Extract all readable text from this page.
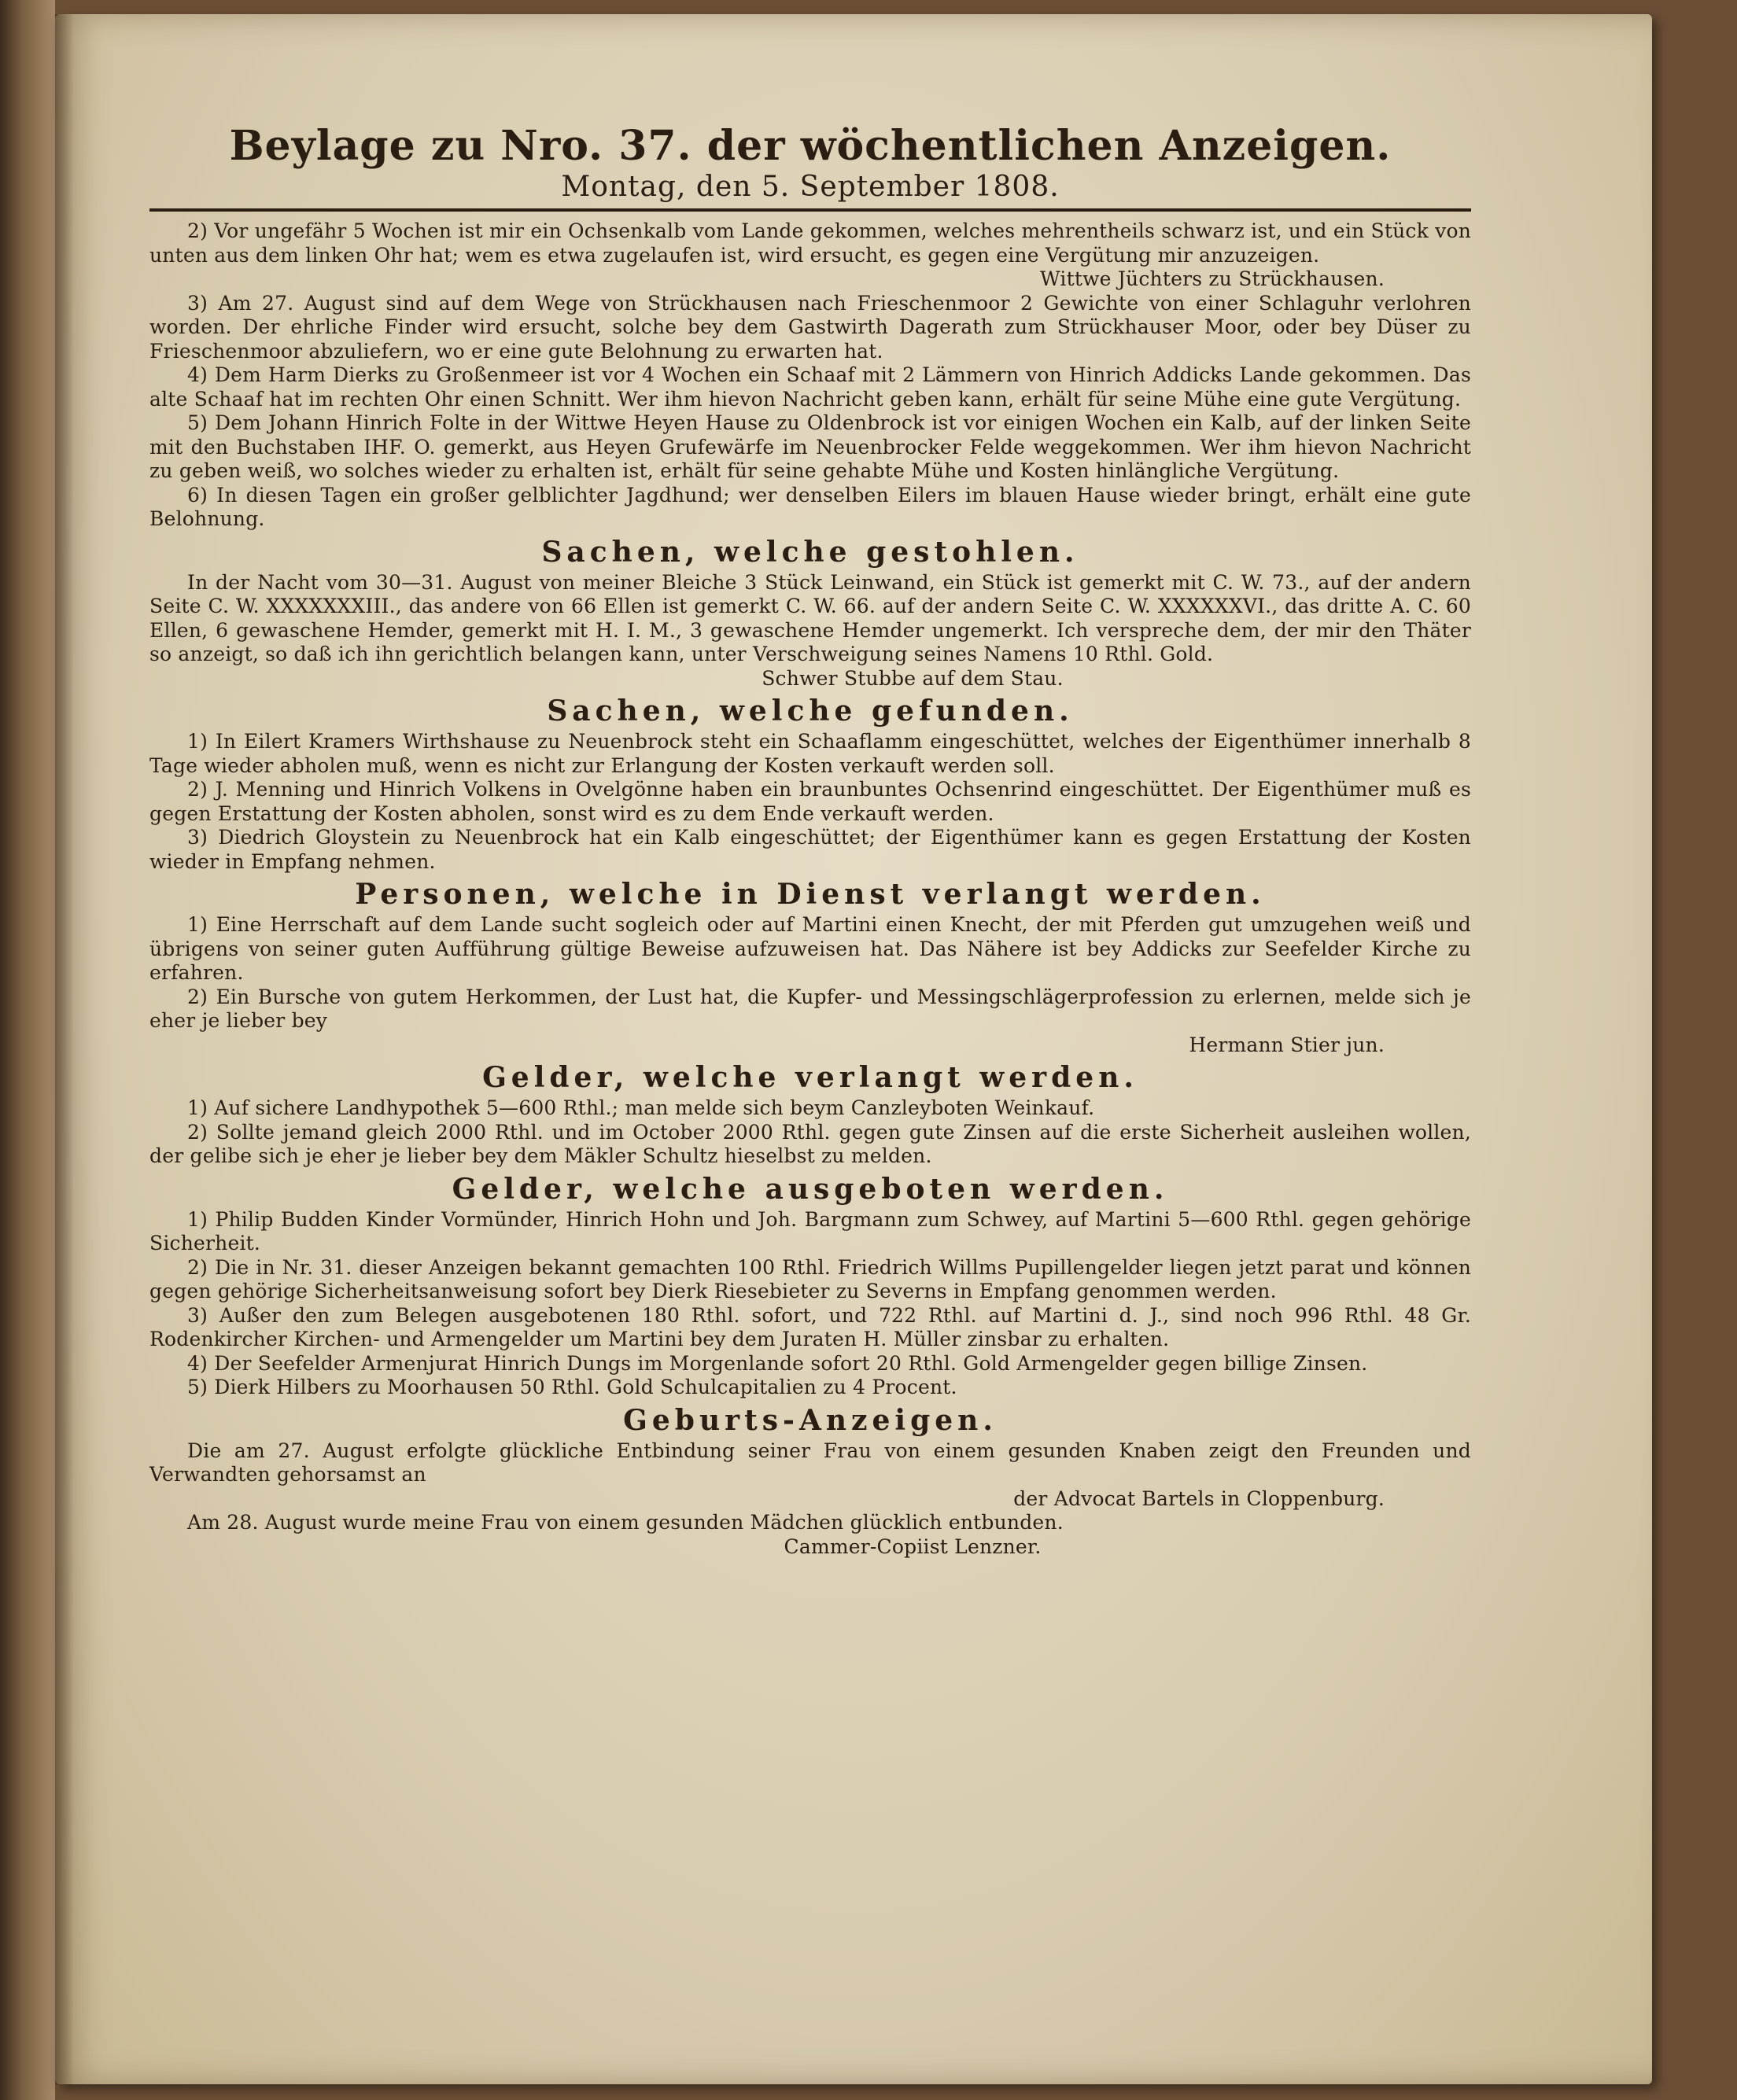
Beylage zu Nro. 37. der wöchentlichen Anzeigen.
Montag, den 5. September 1808.

2) Vor ungefähr 5 Wochen ist mir ein Ochsenkalb vom Lande gekommen, welches mehrentheils schwarz ist, und ein Stück von unten aus dem linken Ohr hat; wem es etwa zugelaufen ist, wird ersucht, es gegen eine Vergütung mir anzuzeigen.

Wittwe Jüchters zu Strückhausen.

3) Am 27. August sind auf dem Wege von Strückhausen nach Frieschenmoor 2 Gewichte von einer Schlaguhr verlohren worden. Der ehrliche Finder wird ersucht, solche bey dem Gastwirth Dagerath zum Strückhauser Moor, oder bey Düser zu Frieschenmoor abzuliefern, wo er eine gute Belohnung zu erwarten hat.

4) Dem Harm Dierks zu Großenmeer ist vor 4 Wochen ein Schaaf mit 2 Lämmern von Hinrich Addicks Lande gekommen. Das alte Schaaf hat im rechten Ohr einen Schnitt. Wer ihm hievon Nachricht geben kann, erhält für seine Mühe eine gute Vergütung.

5) Dem Johann Hinrich Folte in der Wittwe Heyen Hause zu Oldenbrock ist vor einigen Wochen ein Kalb, auf der linken Seite mit den Buchstaben IHF. O. gemerkt, aus Heyen Grufewärfe im Neuenbrocker Felde weggekommen. Wer ihm hievon Nachricht zu geben weiß, wo solches wieder zu erhalten ist, erhält für seine gehabte Mühe und Kosten hinlängliche Vergütung.

6) In diesen Tagen ein großer gelblichter Jagdhund; wer denselben Eilers im blauen Hause wieder bringt, erhält eine gute Belohnung.

Sachen, welche gestohlen.

In der Nacht vom 30—31. August von meiner Bleiche 3 Stück Leinwand, ein Stück ist gemerkt mit C. W. 73., auf der andern Seite C. W. XXXXXXXIII., das andere von 66 Ellen ist gemerkt C. W. 66. auf der andern Seite C. W. XXXXXXVI., das dritte A. C. 60 Ellen, 6 gewaschene Hemder, gemerkt mit H. I. M., 3 gewaschene Hemder ungemerkt. Ich verspreche dem, der mir den Thäter so anzeigt, so daß ich ihn gerichtlich belangen kann, unter Verschweigung seines Namens 10 Rthl. Gold.

Schwer Stubbe auf dem Stau.

Sachen, welche gefunden.

1) In Eilert Kramers Wirthshause zu Neuenbrock steht ein Schaaflamm eingeschüttet, welches der Eigenthümer innerhalb 8 Tage wieder abholen muß, wenn es nicht zur Erlangung der Kosten verkauft werden soll.

2) J. Menning und Hinrich Volkens in Ovelgönne haben ein braunbuntes Ochsenrind eingeschüttet. Der Eigenthümer muß es gegen Erstattung der Kosten abholen, sonst wird es zu dem Ende verkauft werden.

3) Diedrich Gloystein zu Neuenbrock hat ein Kalb eingeschüttet; der Eigenthümer kann es gegen Erstattung der Kosten wieder in Empfang nehmen.

Personen, welche in Dienst verlangt werden.

1) Eine Herrschaft auf dem Lande sucht sogleich oder auf Martini einen Knecht, der mit Pferden gut umzugehen weiß und übrigens von seiner guten Aufführung gültige Beweise aufzuweisen hat. Das Nähere ist bey Addicks zur Seefelder Kirche zu erfahren.

2) Ein Bursche von gutem Herkommen, der Lust hat, die Kupfer- und Messingschlägerprofession zu erlernen, melde sich je eher je lieber bey

Hermann Stier jun.

Gelder, welche verlangt werden.

1) Auf sichere Landhypothek 5—600 Rthl.; man melde sich beym Canzleyboten Weinkauf.

2) Sollte jemand gleich 2000 Rthl. und im October 2000 Rthl. gegen gute Zinsen auf die erste Sicherheit ausleihen wollen, der gelibe sich je eher je lieber bey dem Mäkler Schultz hieselbst zu melden.

Gelder, welche ausgeboten werden.

1) Philip Budden Kinder Vormünder, Hinrich Hohn und Joh. Bargmann zum Schwey, auf Martini 5—600 Rthl. gegen gehörige Sicherheit.

2) Die in Nr. 31. dieser Anzeigen bekannt gemachten 100 Rthl. Friedrich Willms Pupillengelder liegen jetzt parat und können gegen gehörige Sicherheitsanweisung sofort bey Dierk Riesebieter zu Severns in Empfang genommen werden.

3) Außer den zum Belegen ausgebotenen 180 Rthl. sofort, und 722 Rthl. auf Martini d. J., sind noch 996 Rthl. 48 Gr. Rodenkircher Kirchen- und Armengelder um Martini bey dem Juraten H. Müller zinsbar zu erhalten.

4) Der Seefelder Armenjurat Hinrich Dungs im Morgenlande sofort 20 Rthl. Gold Armengelder gegen billige Zinsen.

5) Dierk Hilbers zu Moorhausen 50 Rthl. Gold Schulcapitalien zu 4 Procent.

Geburts-Anzeigen.

Die am 27. August erfolgte glückliche Entbindung seiner Frau von einem gesunden Knaben zeigt den Freunden und Verwandten gehorsamst an

der Advocat Bartels in Cloppenburg.

Am 28. August wurde meine Frau von einem gesunden Mädchen glücklich entbunden.

Cammer-Copiist Lenzner.
